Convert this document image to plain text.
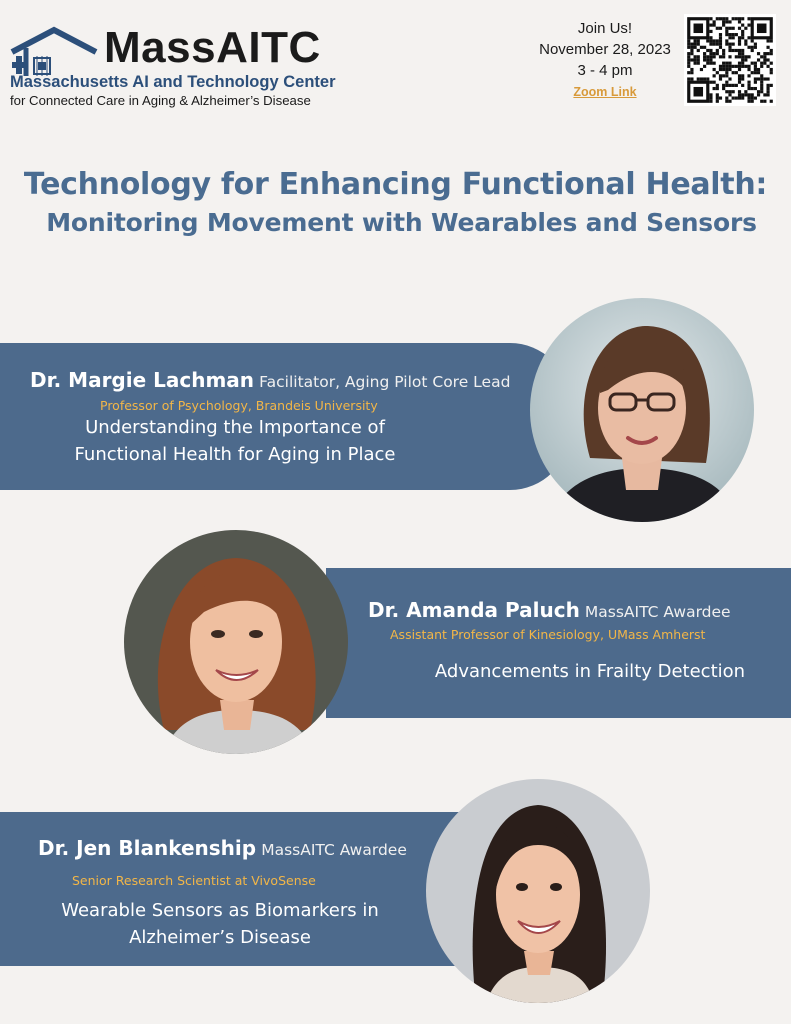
MassAITC
Massachusetts AI and Technology Center
for Connected Care in Aging & Alzheimer’s Disease
Join Us!
November 28, 2023
3 - 4 pm
Zoom Link
Technology for Enhancing Functional Health:
Monitoring Movement with Wearables and Sensors
Dr. Margie Lachman Facilitator, Aging Pilot Core Lead
Professor of Psychology, Brandeis University
Understanding the Importance of Functional Health for Aging in Place
Dr. Amanda Paluch MassAITC Awardee
Assistant Professor of Kinesiology, UMass Amherst
Advancements in Frailty Detection
Dr. Jen Blankenship MassAITC Awardee
Senior Research Scientist at VivoSense
Wearable Sensors as Biomarkers in Alzheimer’s Disease
